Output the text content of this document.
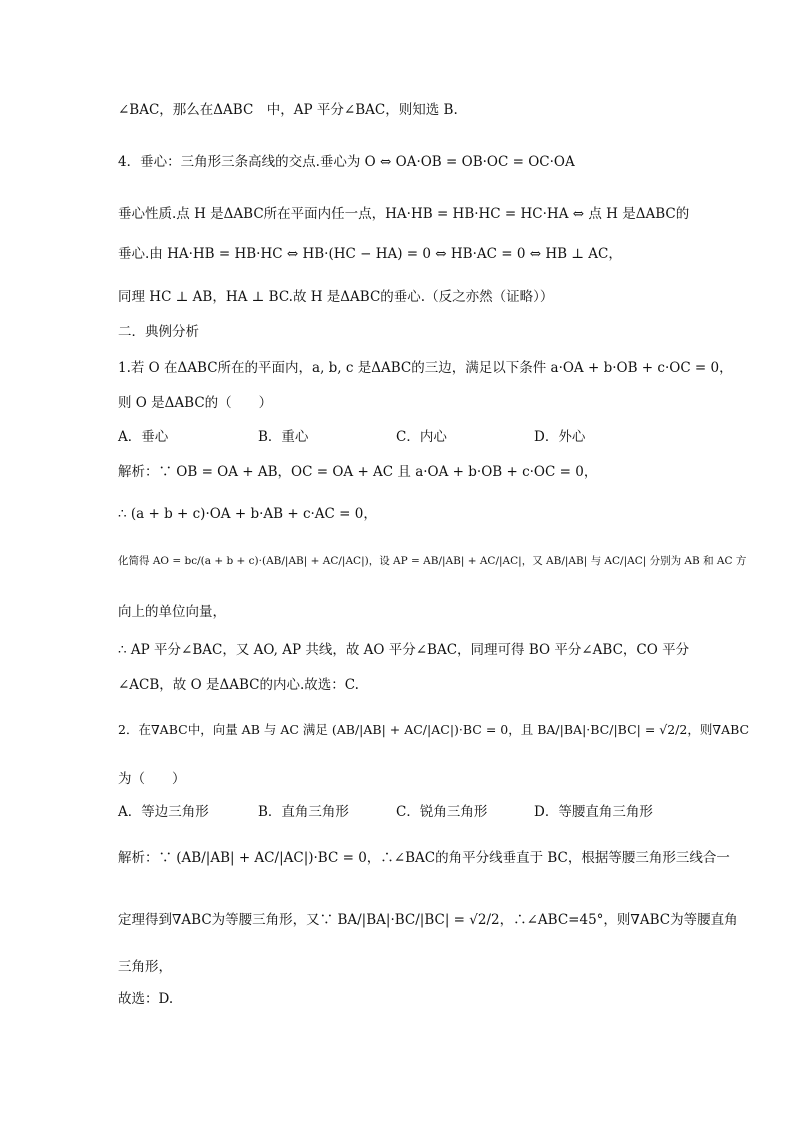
∠BAC，那么在ΔABC　中，AP 平分∠BAC，则知选 B.
4．垂心：三角形三条高线的交点.垂心为 O ⇔ OA·OB = OB·OC = OC·OA
垂心性质.点 H 是ΔABC所在平面内任一点，HA·HB = HB·HC = HC·HA ⇔ 点 H 是ΔABC的
垂心.由 HA·HB = HB·HC ⇔ HB·(HC − HA) = 0 ⇔ HB·AC = 0 ⇔ HB ⊥ AC，
同理 HC ⊥ AB，HA ⊥ BC.故 H 是ΔABC的垂心.（反之亦然（证略））
二．典例分析
1.若 O 在ΔABC所在的平面内，a, b, c 是ΔABC的三边，满足以下条件 a·OA + b·OB + c·OC = 0，
则 O 是ΔABC的（　　）
A．垂心	B．重心	C．内心	D．外心
解析：∵ OB = OA + AB，OC = OA + AC 且 a·OA + b·OB + c·OC = 0，
∴ (a + b + c)·OA + b·AB + c·AC = 0，
化简得 AO = bc/(a + b + c)·(AB/|AB| + AC/|AC|)，设 AP = AB/|AB| + AC/|AC|，又 AB/|AB| 与 AC/|AC| 分别为 AB 和 AC 方
向上的单位向量，
∴ AP 平分∠BAC，又 AO, AP 共线，故 AO 平分∠BAC，同理可得 BO 平分∠ABC，CO 平分
∠ACB，故 O 是ΔABC的内心.故选：C.
2．在∇ABC中，向量 AB 与 AC 满足 (AB/|AB| + AC/|AC|)·BC = 0，且 BA/|BA|·BC/|BC| = √2/2，则∇ABC
为（　　）
A．等边三角形	B．直角三角形	C．锐角三角形	D．等腰直角三角形
解析：∵ (AB/|AB| + AC/|AC|)·BC = 0，∴∠BAC的角平分线垂直于 BC，根据等腰三角形三线合一
定理得到∇ABC为等腰三角形，又∵ BA/|BA|·BC/|BC| = √2/2，∴∠ABC=45°，则∇ABC为等腰直角
三角形，
故选：D.
